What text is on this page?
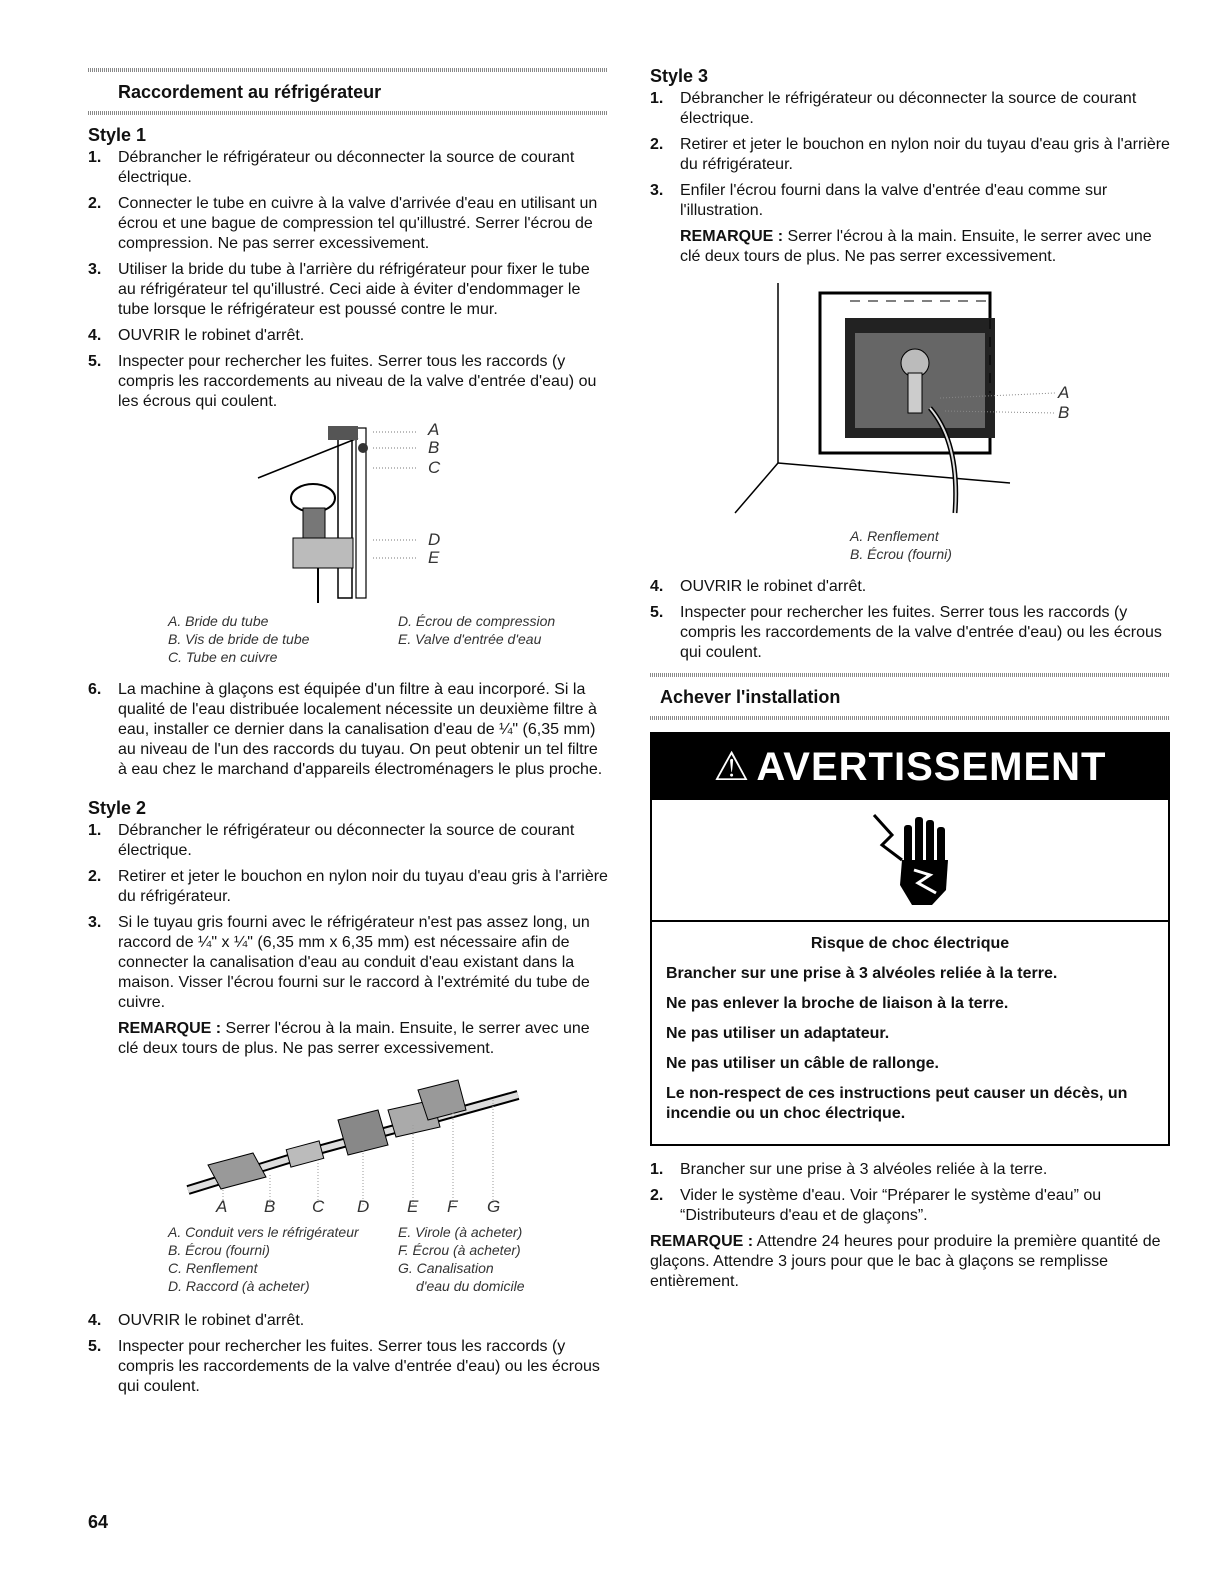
Raccordement au réfrigérateur
Style 1
1. Débrancher le réfrigérateur ou déconnecter la source de courant électrique.

2. Connecter le tube en cuivre à la valve d'arrivée d'eau en utilisant un écrou et une bague de compression tel qu'illustré. Serrer l'écrou de compression. Ne pas serrer excessivement.

3. Utiliser la bride du tube à l'arrière du réfrigérateur pour fixer le tube au réfrigérateur tel qu'illustré. Ceci aide à éviter d'endommager le tube lorsque le réfrigérateur est poussé contre le mur.

4. OUVRIR le robinet d'arrêt.

5. Inspecter pour rechercher les fuites. Serrer tous les raccords (y compris les raccordements au niveau de la valve d'entrée d'eau) ou les écrous qui coulent.

A
B
C
D
E
A. Bride du tube	D. Écrou de compression
B. Vis de bride de tube	E. Valve d'entrée d'eau
C. Tube en cuivre
6. La machine à glaçons est équipée d'un filtre à eau incorporé. Si la qualité de l'eau distribuée localement nécessite un deuxième filtre à eau, installer ce dernier dans la canalisation d'eau de ¼" (6,35 mm) au niveau de l'un des raccords du tuyau. On peut obtenir un tel filtre à eau chez le marchand d'appareils électroménagers le plus proche.

Style 2
1. Débrancher le réfrigérateur ou déconnecter la source de courant électrique.

2. Retirer et jeter le bouchon en nylon noir du tuyau d'eau gris à l'arrière du réfrigérateur.

3. Si le tuyau gris fourni avec le réfrigérateur n'est pas assez long, un raccord de ¼" x ¼" (6,35 mm x 6,35 mm) est nécessaire afin de connecter la canalisation d'eau au conduit d'eau existant dans la maison. Visser l'écrou fourni sur le raccord à l'extrémité du tube de cuivre.

REMARQUE : Serrer l'écrou à la main. Ensuite, le serrer avec une clé deux tours de plus. Ne pas serrer excessivement.

A B C D E F G
A. Conduit vers le réfrigérateur	E. Virole (à acheter)
B. Écrou (fourni)	F. Écrou (à acheter)
C. Renflement	G. Canalisation
D. Raccord (à acheter)	d'eau du domicile
4. OUVRIR le robinet d'arrêt.

5. Inspecter pour rechercher les fuites. Serrer tous les raccords (y compris les raccordements de la valve d'entrée d'eau) ou les écrous qui coulent.

Style 3
1. Débrancher le réfrigérateur ou déconnecter la source de courant électrique.

2. Retirer et jeter le bouchon en nylon noir du tuyau d'eau gris à l'arrière du réfrigérateur.

3. Enfiler l'écrou fourni dans la valve d'entrée d'eau comme sur l'illustration.

REMARQUE : Serrer l'écrou à la main. Ensuite, le serrer avec une clé deux tours de plus. Ne pas serrer excessivement.

A
B
A. Renflement
B. Écrou (fourni)
4. OUVRIR le robinet d'arrêt.

5. Inspecter pour rechercher les fuites. Serrer tous les raccords (y compris les raccordements de la valve d'entrée d'eau) ou les écrous qui coulent.

Achever l'installation
⚠ AVERTISSEMENT

Risque de choc électrique

Brancher sur une prise à 3 alvéoles reliée à la terre.

Ne pas enlever la broche de liaison à la terre.

Ne pas utiliser un adaptateur.

Ne pas utiliser un câble de rallonge.

Le non-respect de ces instructions peut causer un décès, un incendie ou un choc électrique.

1. Brancher sur une prise à 3 alvéoles reliée à la terre.

2. Vider le système d'eau. Voir “Préparer le système d'eau” ou “Distributeurs d'eau et de glaçons”.

REMARQUE : Attendre 24 heures pour produire la première quantité de glaçons. Attendre 3 jours pour que le bac à glaçons se remplisse entièrement.

64
